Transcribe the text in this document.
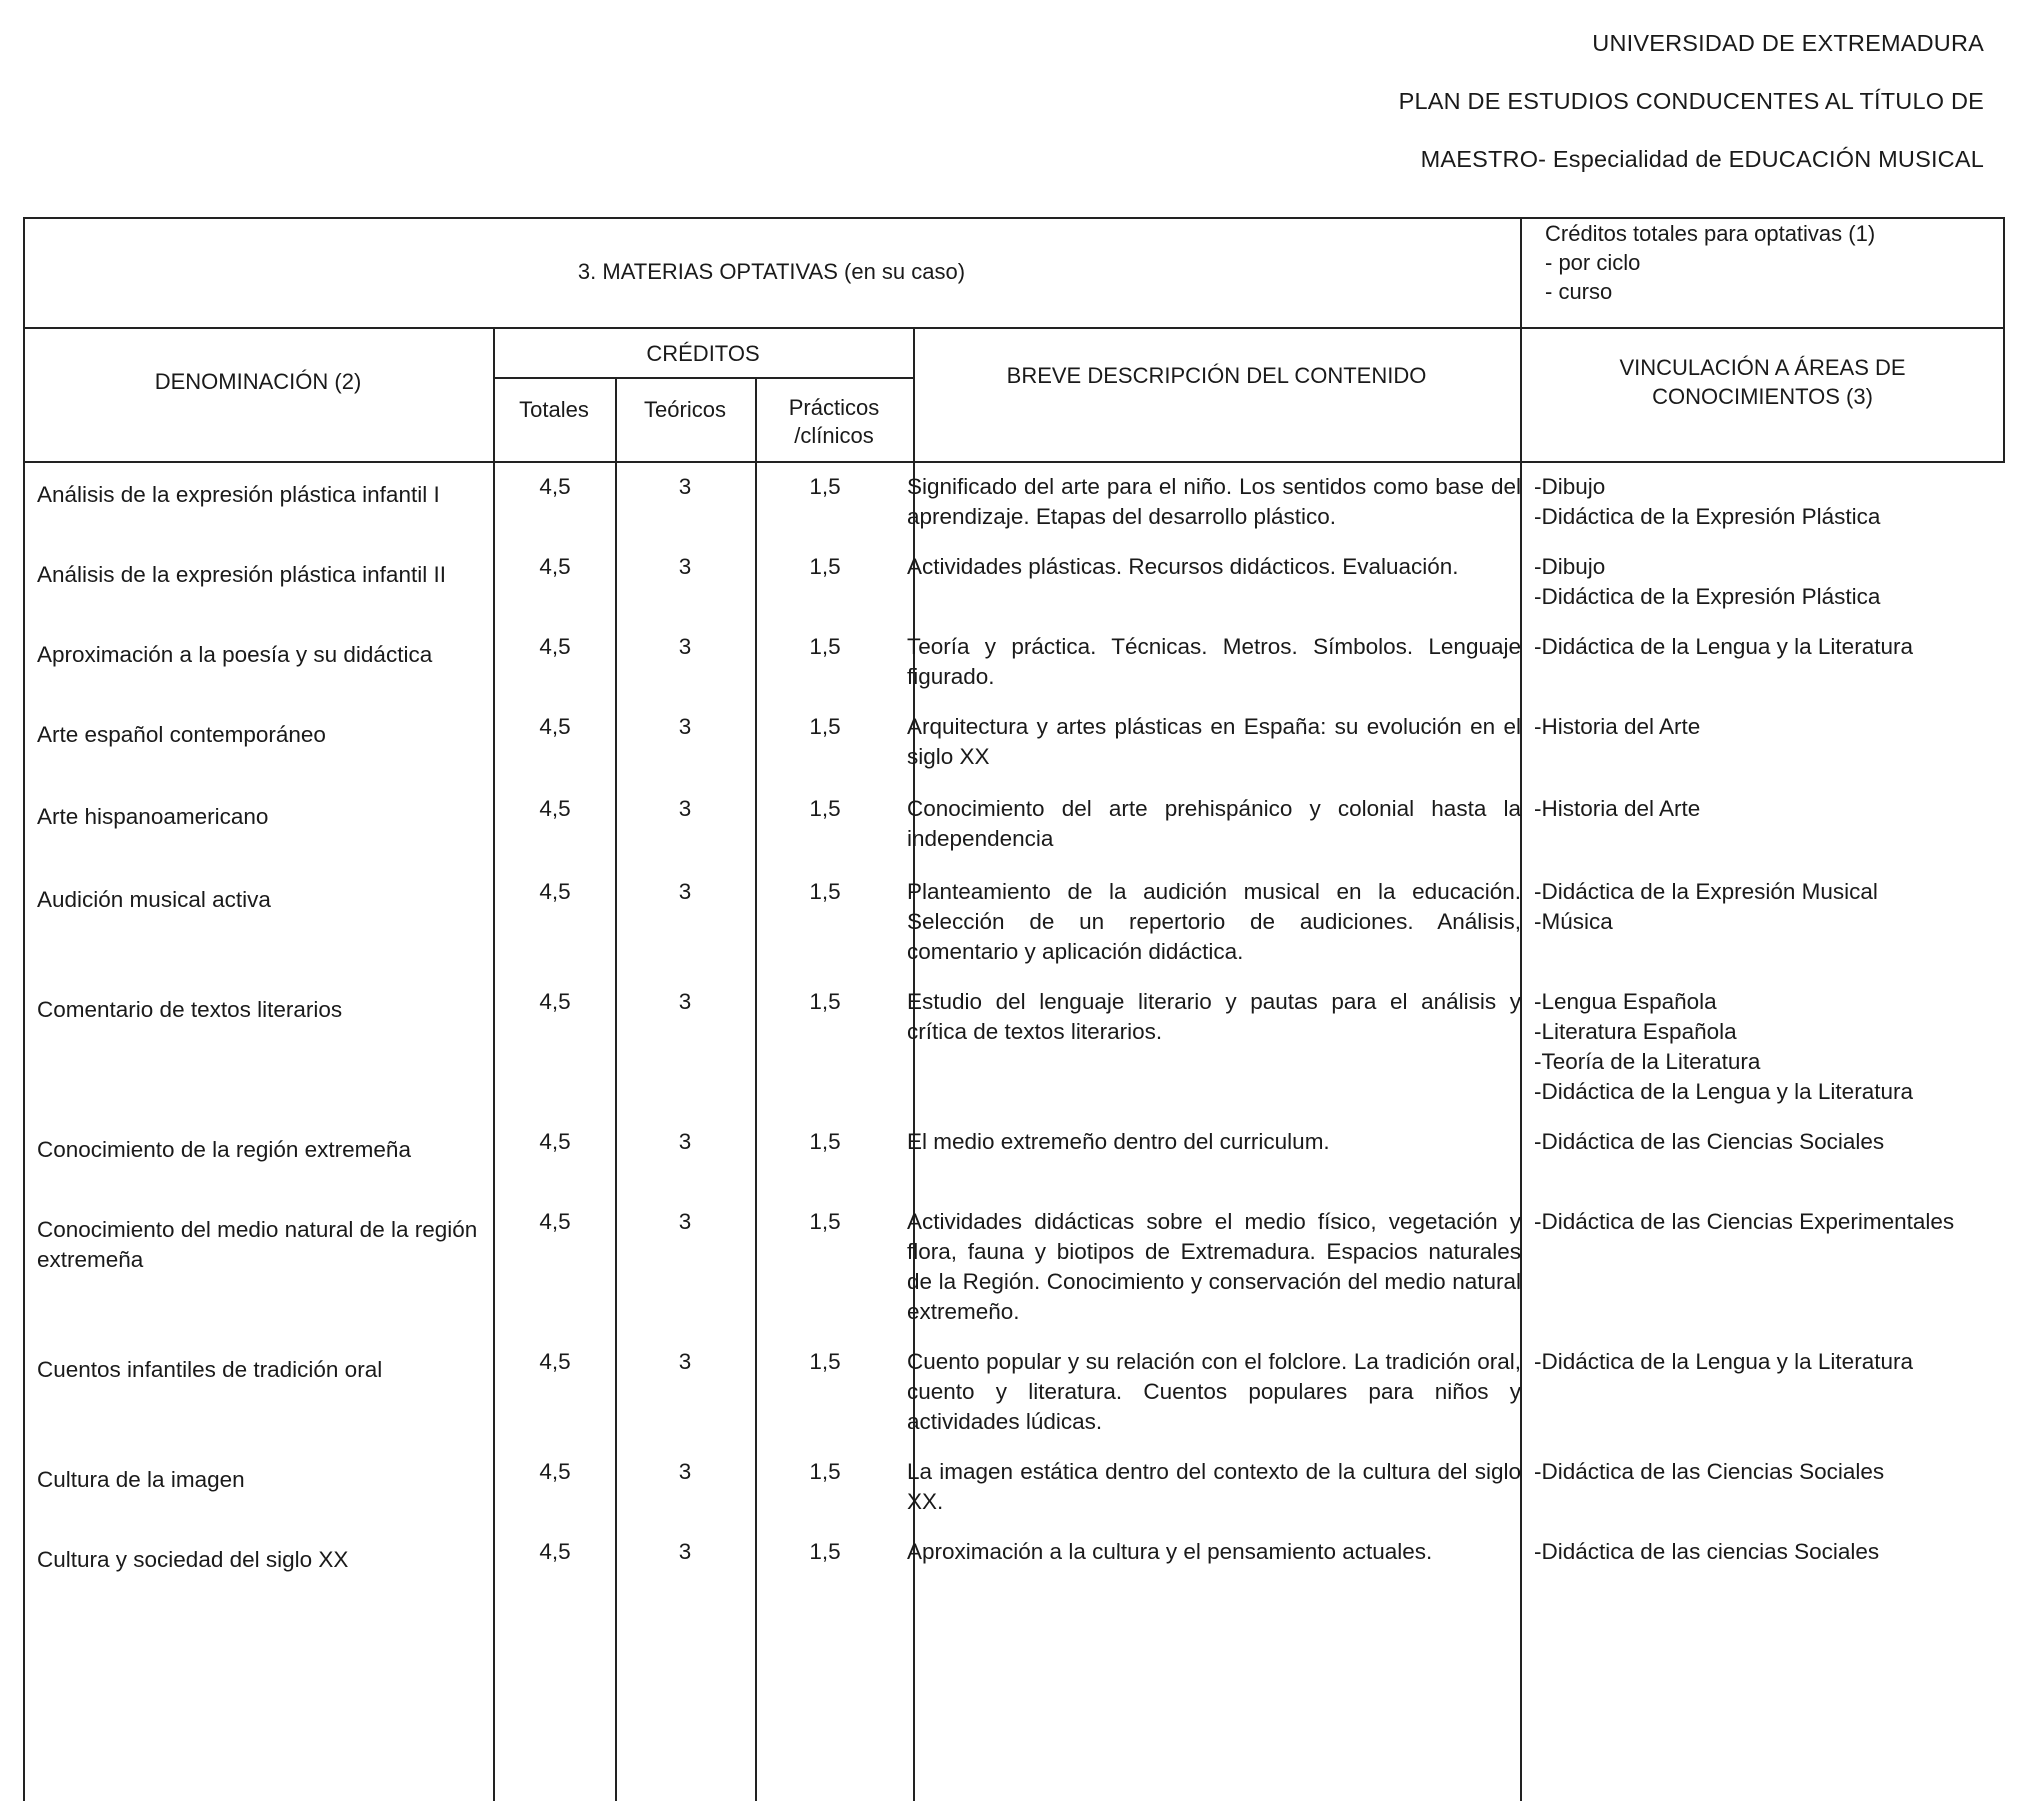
UNIVERSIDAD DE EXTREMADURA
PLAN DE ESTUDIOS CONDUCENTES AL TÍTULO DE
MAESTRO- Especialidad de EDUCACIÓN MUSICAL
3. MATERIAS OPTATIVAS (en su caso)
Créditos totales para optativas (1)
- por ciclo
- curso
DENOMINACIÓN (2)
CRÉDITOS
Totales	Teóricos	Prácticos
/clínicos
BREVE DESCRIPCIÓN DEL CONTENIDO	VINCULACIÓN A ÁREAS DE
CONOCIMIENTOS (3)
Análisis de la expresión plástica infantil I	4,5	3	1,5	Significado del arte para el niño. Los sentidos como base del aprendizaje. Etapas del desarrollo plástico.
-Dibujo
-Didáctica de la Expresión Plástica
Análisis de la expresión plástica infantil II	4,5	3	1,5	Actividades plásticas. Recursos didácticos. Evaluación.	-Dibujo
-Didáctica de la Expresión Plástica
Aproximación a la poesía y su didáctica	4,5	3	1,5	Teoría y práctica. Técnicas. Metros. Símbolos. Lenguaje figurado.
-Didáctica de la Lengua y la Literatura
Arte español contemporáneo	4,5	3	1,5	Arquitectura y artes plásticas en España: su evolución en el siglo XX
-Historia del Arte
Arte hispanoamericano	4,5	3	1,5	Conocimiento del arte prehispánico y colonial hasta la independencia
-Historia del Arte
Audición musical activa	4,5	3	1,5	Planteamiento de la audición musical en la educación. Selección de un repertorio de audiciones. Análisis, comentario y aplicación didáctica.
-Didáctica de la Expresión Musical
-Música
Comentario de textos literarios	4,5	3	1,5	Estudio del lenguaje literario y pautas para el análisis y crítica de textos literarios.
-Lengua Española
-Literatura Española
-Teoría de la Literatura
-Didáctica de la Lengua y la Literatura
Conocimiento de la región extremeña	4,5	3	1,5	El medio extremeño dentro del curriculum.	-Didáctica de las Ciencias Sociales
Conocimiento del medio natural de la región extremeña
4,5	3	1,5	Actividades didácticas sobre el medio físico, vegetación y flora, fauna y biotipos de Extremadura. Espacios naturales de la Región. Conocimiento y conservación del medio natural extremeño.
-Didáctica de las Ciencias Experimentales
Cuentos infantiles de tradición oral	4,5	3	1,5	Cuento popular y su relación con el folclore. La tradición oral, cuento y literatura. Cuentos populares para niños y actividades lúdicas.
-Didáctica de la Lengua y la Literatura
Cultura de la imagen	4,5	3	1,5	La imagen estática dentro del contexto de la cultura del siglo XX.
-Didáctica de las Ciencias Sociales
Cultura y sociedad del siglo XX	4,5	3	1,5	Aproximación a la cultura y el pensamiento actuales.	-Didáctica de las ciencias Sociales
